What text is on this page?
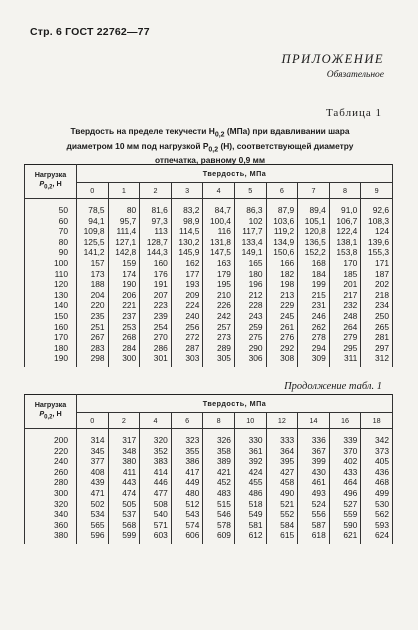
Стр. 6 ГОСТ 22762—77
ПРИЛОЖЕНИЕ
Обязательное
Таблица 1
Твердость на пределе текучести $H_{0,2}$ (МПа) при вдавливании шара
диаметром 10 мм под нагрузкой $P_{0,2}$ (Н), соответствующей диаметру
отпечатка, равному 0,9 мм
Нагрузка
$P_{0,2}$, Н	Твердость, МПа									
	0	1	2	3	4	5	6	7	8	9
50	78,5	80	81,6	83,2	84,7	86,3	87,9	89,4	91,0	92,6
60	94,1	95,7	97,3	98,9	100,4	102	103,6	105,1	106,7	108,3
70	109,8	111,4	113	114,5	116	117,7	119,2	120,8	122,4	124
80	125,5	127,1	128,7	130,2	131,8	133,4	134,9	136,5	138,1	139,6
90	141,2	142,8	144,3	145,9	147,5	149,1	150,6	152,2	153,8	155,3
100	157	159	160	162	163	165	166	168	170	171
110	173	174	176	177	179	180	182	184	185	187
120	188	190	191	193	195	196	198	199	201	202
130	204	206	207	209	210	212	213	215	217	218
140	220	221	223	224	226	228	229	231	232	234
150	235	237	239	240	242	243	245	246	248	250
160	251	253	254	256	257	259	261	262	264	265
170	267	268	270	272	273	275	276	278	279	281
180	283	284	286	287	289	290	292	294	295	297
190	298	300	301	303	305	306	308	309	311	312
Продолжение табл. 1
Нагрузка
$P_{0,2}$, Н	Твердость, МПа									
	0	2	4	6	8	10	12	14	16	18
200	314	317	320	323	326	330	333	336	339	342
220	345	348	352	355	358	361	364	367	370	373
240	377	380	383	386	389	392	395	399	402	405
260	408	411	414	417	421	424	427	430	433	436
280	439	443	446	449	452	455	458	461	464	468
300	471	474	477	480	483	486	490	493	496	499
320	502	505	508	512	515	518	521	524	527	530
340	534	537	540	543	546	549	552	556	559	562
360	565	568	571	574	578	581	584	587	590	593
380	596	599	603	606	609	612	615	618	621	624
